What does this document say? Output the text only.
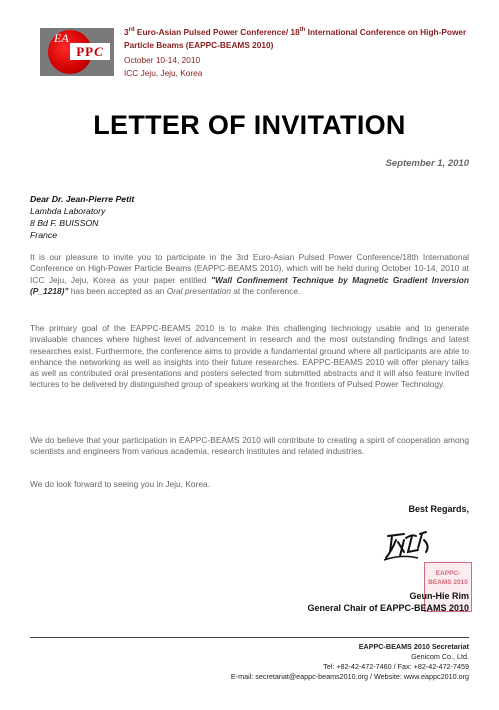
EA
PPC
3rd Euro-Asian Pulsed Power Conference/ 18th International Conference on High-Power Particle Beams (EAPPC-BEAMS 2010)
October 10-14, 2010
ICC Jeju, Jeju, Korea
LETTER OF INVITATION
September 1, 2010
Dear Dr. Jean-Pierre Petit
Lambda Laboratory
8 Bd F. BUISSON
France

It is our pleasure to invite you to participate in the 3rd Euro-Asian Pulsed Power Conference/18th International Conference on High-Power Particle Beams (EAPPC-BEAMS 2010), which will be held during October 10-14, 2010 at ICC Jeju, Jeju, Korea as your paper entitled "Wall Confinement Technique by Magnetic Gradient Inversion (P_1218)" has been accepted as an Oral presentation at the conference.

The primary goal of the EAPPC-BEAMS 2010 is to make this challenging technology usable and to generate invaluable chances where highest level of advancement in research and the most outstanding findings and latest researches exist. Furthermore, the conference aims to provide a fundamental ground where all participants are able to enhance the networking as well as insights into their future researches. EAPPC-BEAMS 2010 will offer plenary talks as well as contributed oral presentations and posters selected from submitted abstracts and it will also feature invited lectures to be delivered by distinguished group of speakers working at the frontiers of Pulsed Power Technology.

We do believe that your participation in EAPPC-BEAMS 2010 will contribute to creating a spirit of cooperation among scientists and engineers from various academia, research institutes and related industries.

We do look forward to seeing you in Jeju, Korea.

Best Regards,
EAPPC-BEAMS 2010
Geun-Hie Rim
General Chair of EAPPC-BEAMS 2010
EAPPC-BEAMS 2010 Secretariat
Genicom Co., Ltd.
Tel: +82-42-472-7460 / Fax: +82-42-472-7459
E-mail: secretariat@eappc-beams2010.org / Website: www.eappc2010.org
